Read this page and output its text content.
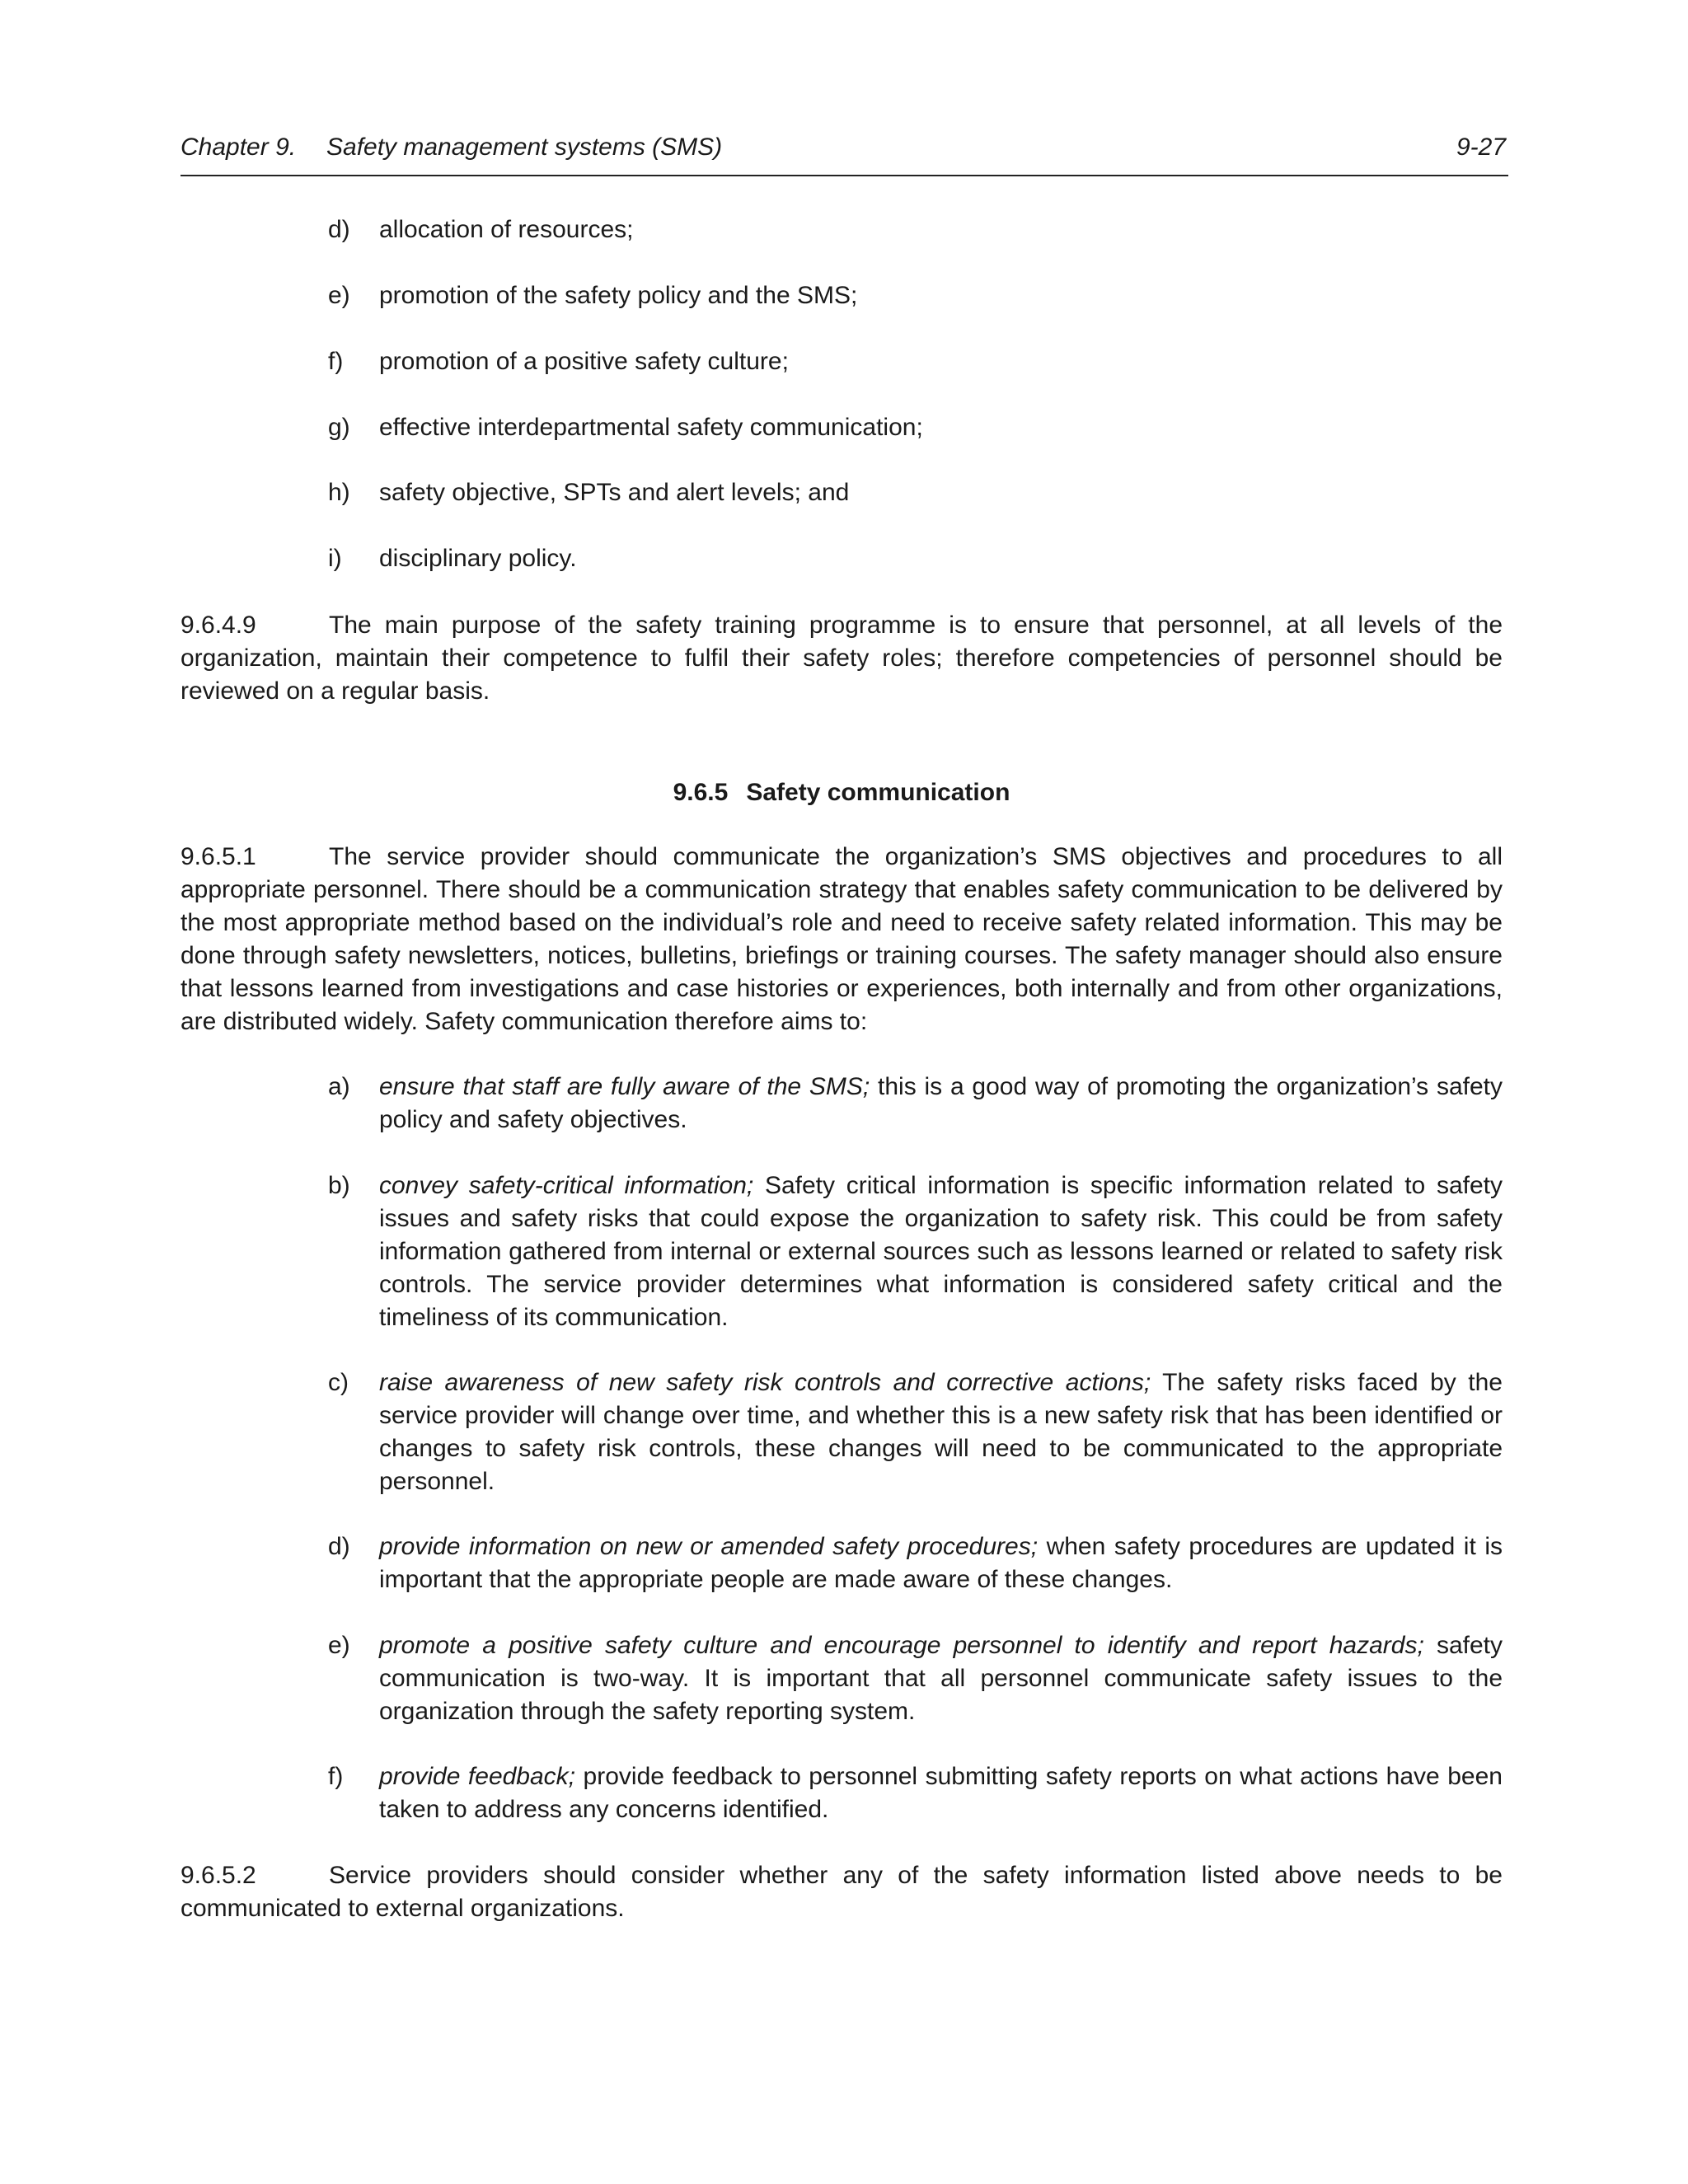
Chapter 9. Safety management systems (SMS)	9-27
d) allocation of resources;
e) promotion of the safety policy and the SMS;
f) promotion of a positive safety culture;
g) effective interdepartmental safety communication;
h) safety objective, SPTs and alert levels; and
i) disciplinary policy.
9.6.4.9	The main purpose of the safety training programme is to ensure that personnel, at all levels of the organization, maintain their competence to fulfil their safety roles; therefore competencies of personnel should be reviewed on a regular basis.
9.6.5 Safety communication
9.6.5.1	The service provider should communicate the organization’s SMS objectives and procedures to all appropriate personnel. There should be a communication strategy that enables safety communication to be delivered by the most appropriate method based on the individual’s role and need to receive safety related information. This may be done through safety newsletters, notices, bulletins, briefings or training courses. The safety manager should also ensure that lessons learned from investigations and case histories or experiences, both internally and from other organizations, are distributed widely. Safety communication therefore aims to:
a) ensure that staff are fully aware of the SMS; this is a good way of promoting the organization’s safety policy and safety objectives.
b) convey safety-critical information; Safety critical information is specific information related to safety issues and safety risks that could expose the organization to safety risk. This could be from safety information gathered from internal or external sources such as lessons learned or related to safety risk controls. The service provider determines what information is considered safety critical and the timeliness of its communication.
c) raise awareness of new safety risk controls and corrective actions; The safety risks faced by the service provider will change over time, and whether this is a new safety risk that has been identified or changes to safety risk controls, these changes will need to be communicated to the appropriate personnel.
d) provide information on new or amended safety procedures; when safety procedures are updated it is important that the appropriate people are made aware of these changes.
e) promote a positive safety culture and encourage personnel to identify and report hazards; safety communication is two-way. It is important that all personnel communicate safety issues to the organization through the safety reporting system.
f) provide feedback; provide feedback to personnel submitting safety reports on what actions have been taken to address any concerns identified.
9.6.5.2	Service providers should consider whether any of the safety information listed above needs to be communicated to external organizations.
